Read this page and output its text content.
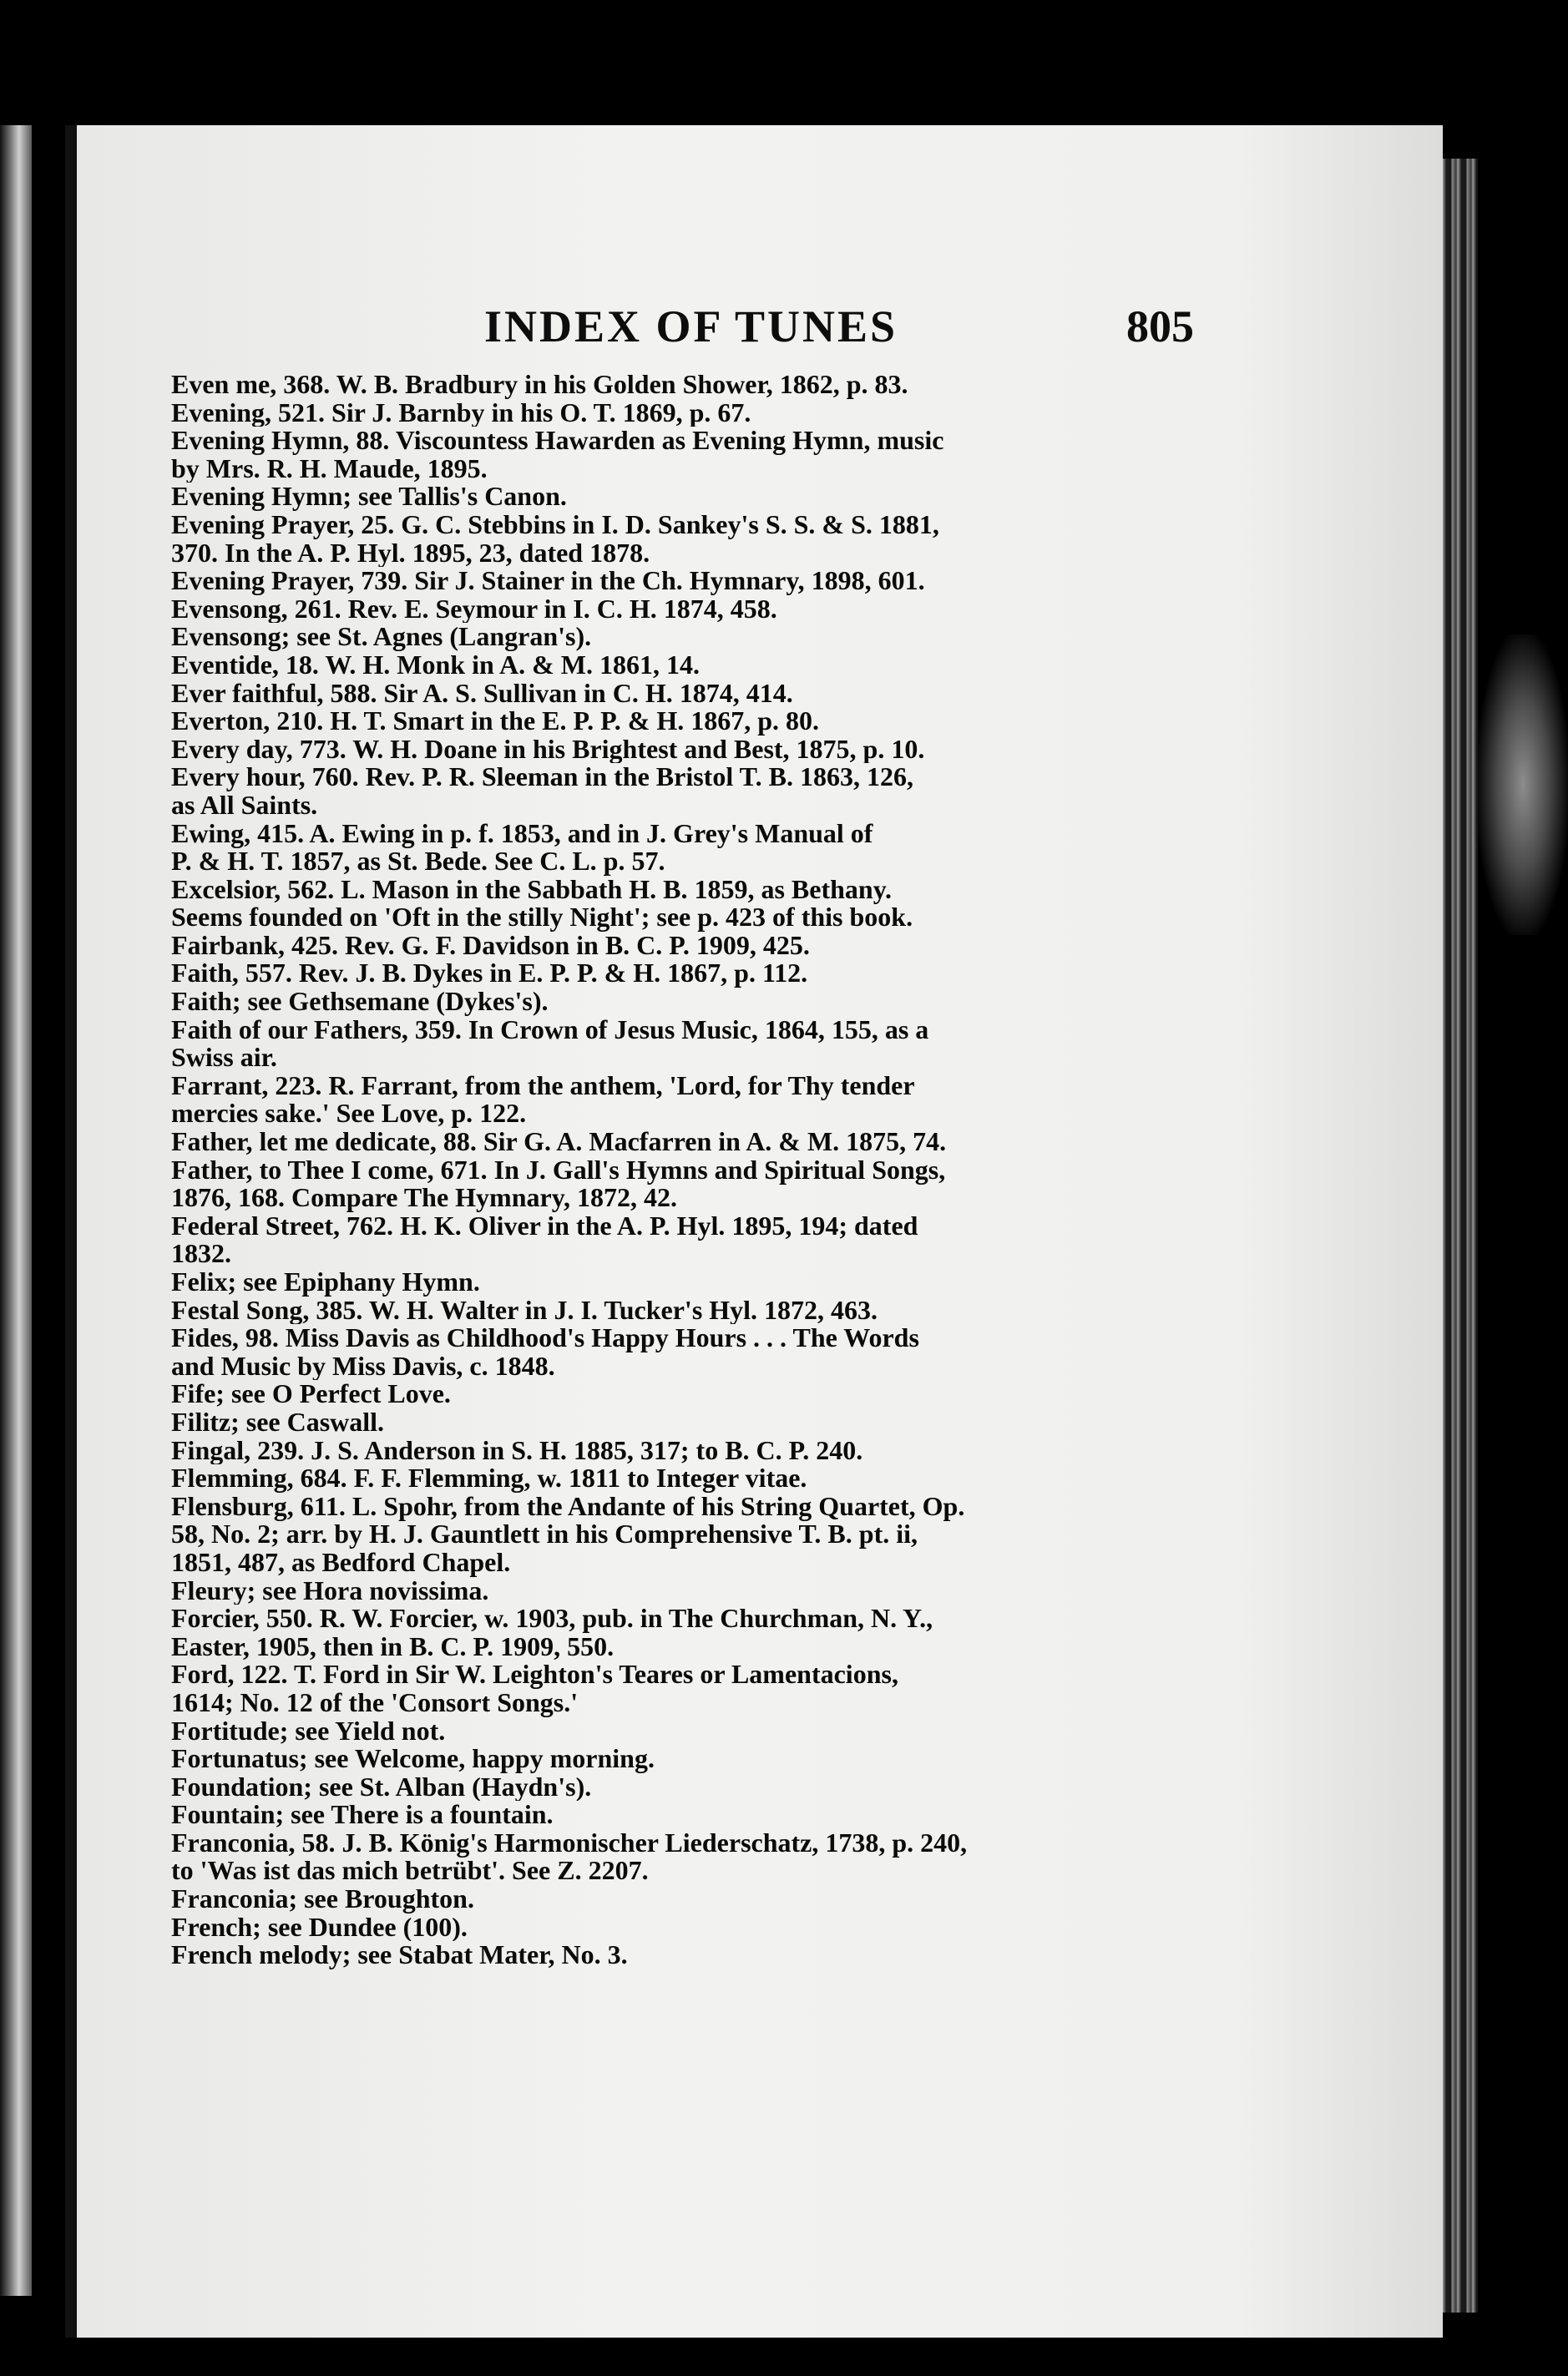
INDEX OF TUNES	805
Even me, 368. W. B. Bradbury in his Golden Shower, 1862, p. 83.
Evening, 521. Sir J. Barnby in his O. T. 1869, p. 67.
Evening Hymn, 88. Viscountess Hawarden as Evening Hymn, music
by Mrs. R. H. Maude, 1895.
Evening Hymn; see Tallis's Canon.
Evening Prayer, 25. G. C. Stebbins in I. D. Sankey's S. S. & S. 1881,
370. In the A. P. Hyl. 1895, 23, dated 1878.
Evening Prayer, 739. Sir J. Stainer in the Ch. Hymnary, 1898, 601.
Evensong, 261. Rev. E. Seymour in I. C. H. 1874, 458.
Evensong; see St. Agnes (Langran's).
Eventide, 18. W. H. Monk in A. & M. 1861, 14.
Ever faithful, 588. Sir A. S. Sullivan in C. H. 1874, 414.
Everton, 210. H. T. Smart in the E. P. P. & H. 1867, p. 80.
Every day, 773. W. H. Doane in his Brightest and Best, 1875, p. 10.
Every hour, 760. Rev. P. R. Sleeman in the Bristol T. B. 1863, 126,
as All Saints.
Ewing, 415. A. Ewing in p. f. 1853, and in J. Grey's Manual of
P. & H. T. 1857, as St. Bede. See C. L. p. 57.
Excelsior, 562. L. Mason in the Sabbath H. B. 1859, as Bethany.
Seems founded on 'Oft in the stilly Night'; see p. 423 of this book.
Fairbank, 425. Rev. G. F. Davidson in B. C. P. 1909, 425.
Faith, 557. Rev. J. B. Dykes in E. P. P. & H. 1867, p. 112.
Faith; see Gethsemane (Dykes's).
Faith of our Fathers, 359. In Crown of Jesus Music, 1864, 155, as a
Swiss air.
Farrant, 223. R. Farrant, from the anthem, 'Lord, for Thy tender
mercies sake.' See Love, p. 122.
Father, let me dedicate, 88. Sir G. A. Macfarren in A. & M. 1875, 74.
Father, to Thee I come, 671. In J. Gall's Hymns and Spiritual Songs,
1876, 168. Compare The Hymnary, 1872, 42.
Federal Street, 762. H. K. Oliver in the A. P. Hyl. 1895, 194; dated
1832.
Felix; see Epiphany Hymn.
Festal Song, 385. W. H. Walter in J. I. Tucker's Hyl. 1872, 463.
Fides, 98. Miss Davis as Childhood's Happy Hours . . . The Words
and Music by Miss Davis, c. 1848.
Fife; see O Perfect Love.
Filitz; see Caswall.
Fingal, 239. J. S. Anderson in S. H. 1885, 317; to B. C. P. 240.
Flemming, 684. F. F. Flemming, w. 1811 to Integer vitae.
Flensburg, 611. L. Spohr, from the Andante of his String Quartet, Op.
58, No. 2; arr. by H. J. Gauntlett in his Comprehensive T. B. pt. ii,
1851, 487, as Bedford Chapel.
Fleury; see Hora novissima.
Forcier, 550. R. W. Forcier, w. 1903, pub. in The Churchman, N. Y.,
Easter, 1905, then in B. C. P. 1909, 550.
Ford, 122. T. Ford in Sir W. Leighton's Teares or Lamentacions,
1614; No. 12 of the 'Consort Songs.'
Fortitude; see Yield not.
Fortunatus; see Welcome, happy morning.
Foundation; see St. Alban (Haydn's).
Fountain; see There is a fountain.
Franconia, 58. J. B. König's Harmonischer Liederschatz, 1738, p. 240,
to 'Was ist das mich betrübt'. See Z. 2207.
Franconia; see Broughton.
French; see Dundee (100).
French melody; see Stabat Mater, No. 3.
